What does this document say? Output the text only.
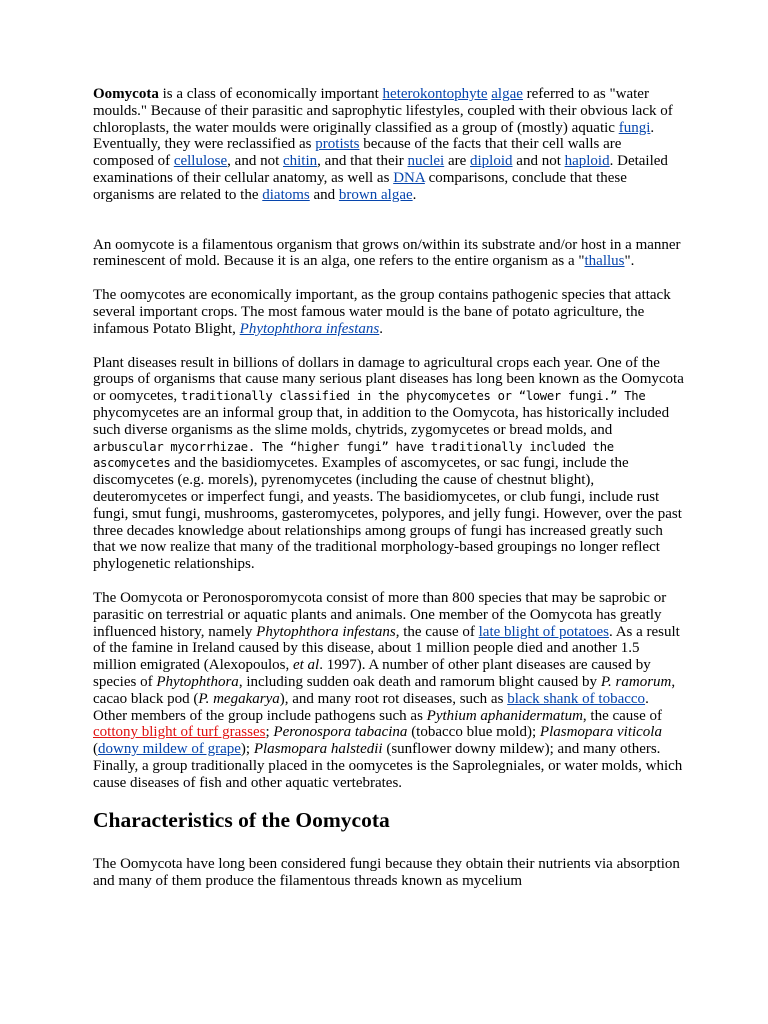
Oomycota is a class of economically important heterokontophyte algae referred to as "water moulds." Because of their parasitic and saprophytic lifestyles, coupled with their obvious lack of chloroplasts, the water moulds were originally classified as a group of (mostly) aquatic fungi. Eventually, they were reclassified as protists because of the facts that their cell walls are composed of cellulose, and not chitin, and that their nuclei are diploid and not haploid. Detailed examinations of their cellular anatomy, as well as DNA comparisons, conclude that these organisms are related to the diatoms and brown algae.

An oomycote is a filamentous organism that grows on/within its substrate and/or host in a manner reminescent of mold. Because it is an alga, one refers to the entire organism as a "thallus".

The oomycotes are economically important, as the group contains pathogenic species that attack several important crops. The most famous water mould is the bane of potato agriculture, the infamous Potato Blight, Phytophthora infestans.

Plant diseases result in billions of dollars in damage to agricultural crops each year. One of the groups of organisms that cause many serious plant diseases has long been known as the Oomycota or oomycetes, traditionally classified in the phycomycetes or “lower fungi.” The phycomycetes are an informal group that, in addition to the Oomycota, has historically included such diverse organisms as the slime molds, chytrids, zygomycetes or bread molds, and arbuscular mycorrhizae. The “higher fungi” have traditionally included the ascomycetes and the basidiomycetes. Examples of ascomycetes, or sac fungi, include the discomycetes (e.g. morels), pyrenomycetes (including the cause of chestnut blight), deuteromycetes or imperfect fungi, and yeasts. The basidiomycetes, or club fungi, include rust fungi, smut fungi, mushrooms, gasteromycetes, polypores, and jelly fungi. However, over the past three decades knowledge about relationships among groups of fungi has increased greatly such that we now realize that many of the traditional morphology-based groupings no longer reflect phylogenetic relationships.

The Oomycota or Peronosporomycota consist of more than 800 species that may be saprobic or parasitic on terrestrial or aquatic plants and animals. One member of the Oomycota has greatly influenced history, namely Phytophthora infestans, the cause of late blight of potatoes. As a result of the famine in Ireland caused by this disease, about 1 million people died and another 1.5 million emigrated (Alexopoulos, et al. 1997). A number of other plant diseases are caused by species of Phytophthora, including sudden oak death and ramorum blight caused by P. ramorum, cacao black pod (P. megakarya), and many root rot diseases, such as black shank of tobacco. Other members of the group include pathogens such as Pythium aphanidermatum, the cause of cottony blight of turf grasses; Peronospora tabacina (tobacco blue mold); Plasmopara viticola (downy mildew of grape); Plasmopara halstedii (sunflower downy mildew); and many others. Finally, a group traditionally placed in the oomycetes is the Saprolegniales, or water molds, which cause diseases of fish and other aquatic vertebrates.

Characteristics of the Oomycota

The Oomycota have long been considered fungi because they obtain their nutrients via absorption and many of them produce the filamentous threads known as mycelium
